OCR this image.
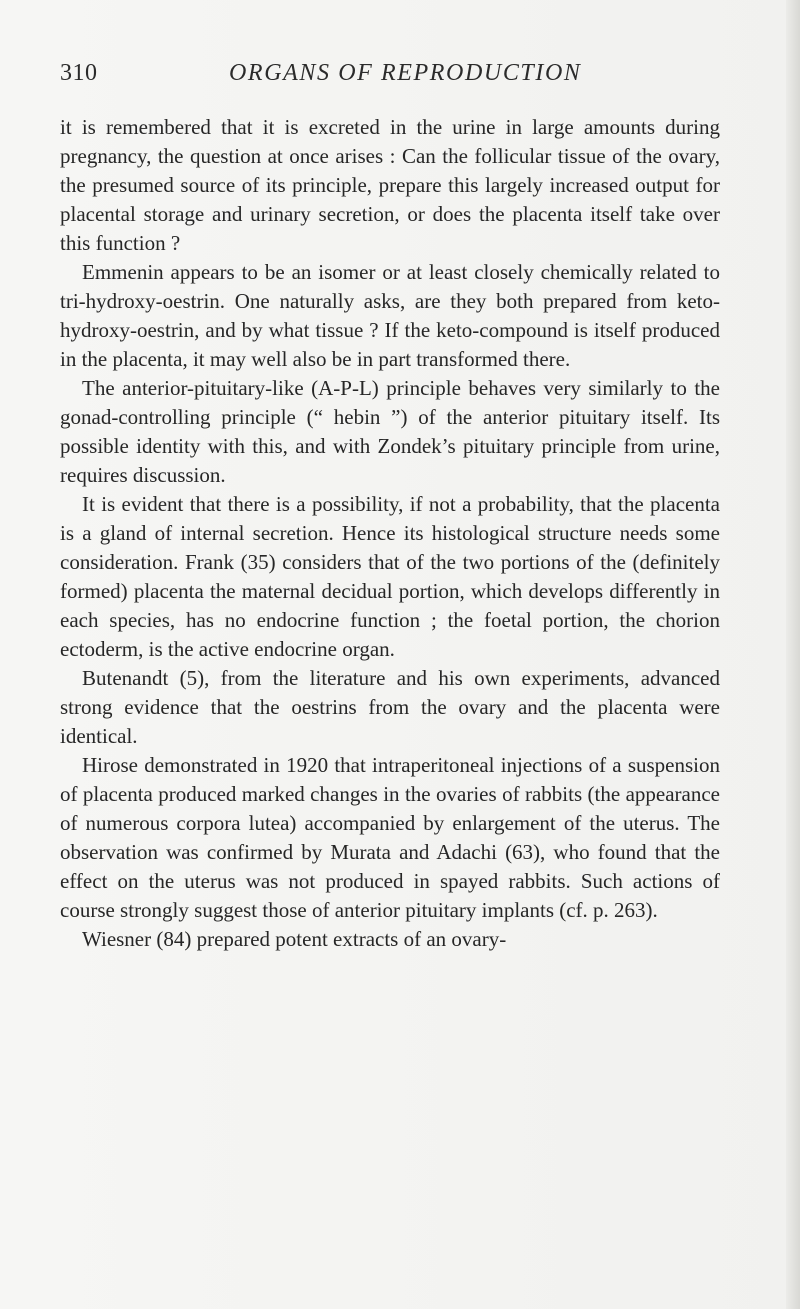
310	ORGANS OF REPRODUCTION

it is remembered that it is excreted in the urine in large amounts during pregnancy, the question at once arises : Can the follicular tissue of the ovary, the presumed source of its principle, prepare this largely increased output for placental storage and urinary secretion, or does the placenta itself take over this function ?

Emmenin appears to be an isomer or at least closely chemically related to tri-hydroxy-oestrin. One naturally asks, are they both prepared from keto-hydroxy-oestrin, and by what tissue ? If the keto-compound is itself produced in the placenta, it may well also be in part transformed there.

The anterior-pituitary-like (A-P-L) principle behaves very similarly to the gonad-controlling principle (“ hebin ”) of the anterior pituitary itself. Its possible identity with this, and with Zondek’s pituitary principle from urine, requires discussion.

It is evident that there is a possibility, if not a probability, that the placenta is a gland of internal secretion. Hence its histological structure needs some consideration. Frank (35) considers that of the two portions of the (definitely formed) placenta the maternal decidual portion, which develops differently in each species, has no endocrine function ; the foetal portion, the chorion ectoderm, is the active endocrine organ.

Butenandt (5), from the literature and his own experiments, advanced strong evidence that the oestrins from the ovary and the placenta were identical.

Hirose demonstrated in 1920 that intraperitoneal injections of a suspension of placenta produced marked changes in the ovaries of rabbits (the appearance of numerous corpora lutea) accompanied by enlargement of the uterus. The observation was confirmed by Murata and Adachi (63), who found that the effect on the uterus was not produced in spayed rabbits. Such actions of course strongly suggest those of anterior pituitary implants (cf. p. 263).

Wiesner (84) prepared potent extracts of an ovary-
